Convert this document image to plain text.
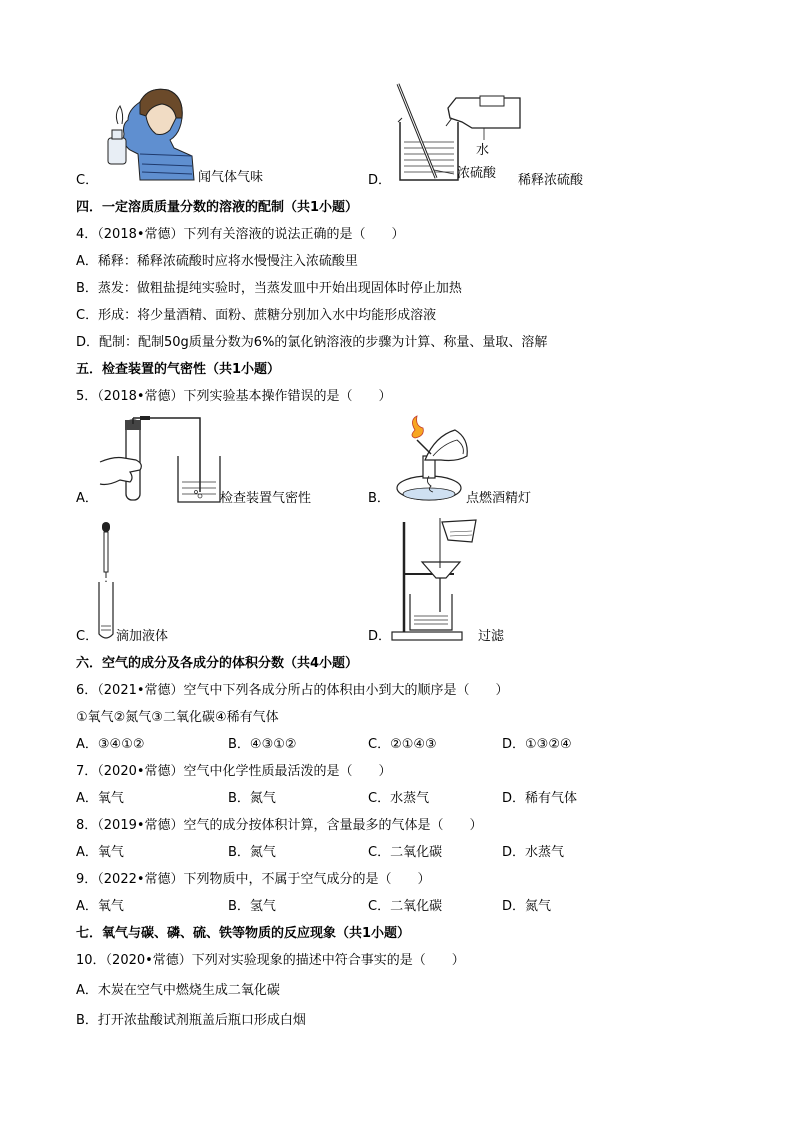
C．	闻气体气味
水
浓硫酸
D．	稀释浓硫酸
四．一定溶质质量分数的溶液的配制（共1小题）
4．（2018•常德）下列有关溶液的说法正确的是（　　）
A．稀释：稀释浓硫酸时应将水慢慢注入浓硫酸里
B．蒸发：做粗盐提纯实验时，当蒸发皿中开始出现固体时停止加热
C．形成：将少量酒精、面粉、蔗糖分别加入水中均能形成溶液
D．配制：配制50g质量分数为6%的氯化钠溶液的步骤为计算、称量、量取、溶解
五．检查装置的气密性（共1小题）
5．（2018•常德）下列实验基本操作错误的是（　　）
A．	检查装置气密性	B．	点燃酒精灯
C． 滴加液体	D．	过滤
六．空气的成分及各成分的体积分数（共4小题）
6．（2021•常德）空气中下列各成分所占的体积由小到大的顺序是（　　）
①氧气②氮气③二氧化碳④稀有气体
A．③④①②	B．④③①②	C．②①④③	D．①③②④
7．（2020•常德）空气中化学性质最活泼的是（　　）
A．氧气	B．氮气	C．水蒸气	D．稀有气体
8．（2019•常德）空气的成分按体积计算，含量最多的气体是（　　）
A．氧气	B．氮气	C．二氧化碳	D．水蒸气
9．（2022•常德）下列物质中，不属于空气成分的是（　　）
A．氧气	B．氢气	C．二氧化碳	D．氮气
七．氧气与碳、磷、硫、铁等物质的反应现象（共1小题）
10．（2020•常德）下列对实验现象的描述中符合事实的是（　　）
A．木炭在空气中燃烧生成二氧化碳
B．打开浓盐酸试剂瓶盖后瓶口形成白烟
